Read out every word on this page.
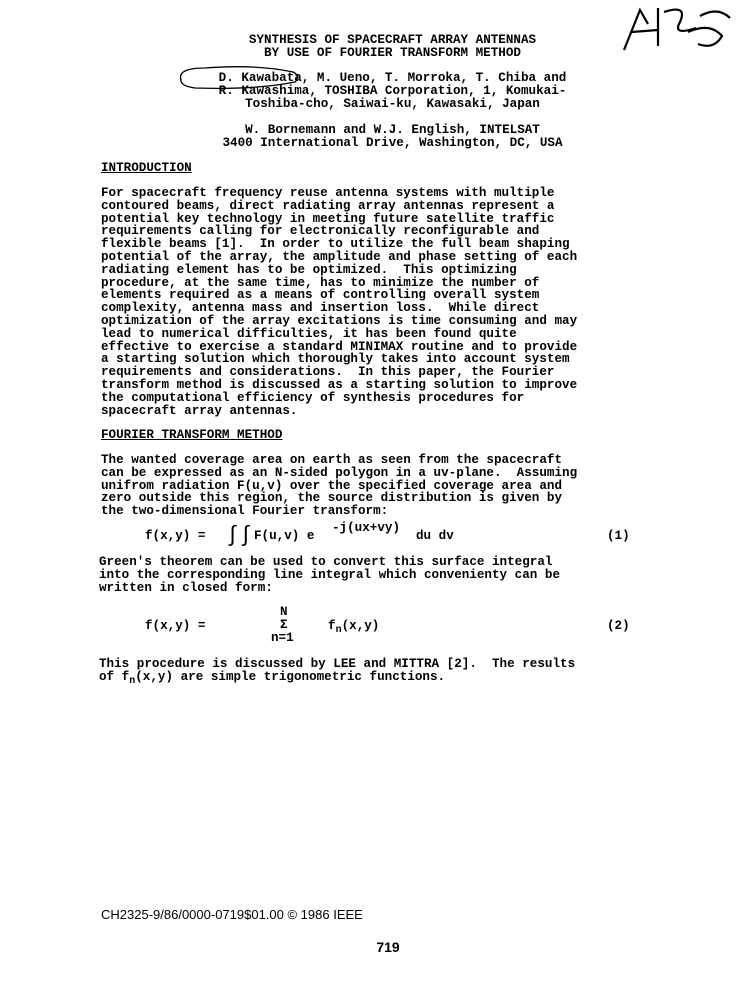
SYNTHESIS OF SPACECRAFT ARRAY ANTENNAS
BY USE OF FOURIER TRANSFORM METHOD
D. Kawabata, M. Ueno, T. Morroka, T. Chiba and
R. Kawashima, TOSHIBA Corporation, 1, Komukai-
Toshiba-cho, Saiwai-ku, Kawasaki, Japan
W. Bornemann and W.J. English, INTELSAT
3400 International Drive, Washington, DC, USA
INTRODUCTION
For spacecraft frequency reuse antenna systems with multiple
contoured beams, direct radiating array antennas represent a
potential key technology in meeting future satellite traffic
requirements calling for electronically reconfigurable and
flexible beams [1].  In order to utilize the full beam shaping
potential of the array, the amplitude and phase setting of each
radiating element has to be optimized.  This optimizing
procedure, at the same time, has to minimize the number of
elements required as a means of controlling overall system
complexity, antenna mass and insertion loss.  While direct
optimization of the array excitations is time consuming and may
lead to numerical difficulties, it has been found quite
effective to exercise a standard MINIMAX routine and to provide
a starting solution which thoroughly takes into account system
requirements and considerations.  In this paper, the Fourier
transform method is discussed as a starting solution to improve
the computational efficiency of synthesis procedures for
spacecraft array antennas.
FOURIER TRANSFORM METHOD
The wanted coverage area on earth as seen from the spacecraft
can be expressed as an N-sided polygon in a uv-plane.  Assuming
unifrom radiation F(u,v) over the specified coverage area and
zero outside this region, the source distribution is given by
the two-dimensional Fourier transform:
f(x,y) = ∫∫ F(u,v) e
-j(ux+vy)
du dv	(1)
Green's theorem can be used to convert this surface integral
into the corresponding line integral which convenienty can be
written in closed form:
N
f(x,y) =	Σ
n=1
$f_n(x,y)$	(2)
This procedure is discussed by LEE and MITTRA [2].  The results
of $f_n(x,y)$ are simple trigonometric functions.
CH2325-9/86/0000-0719$01.00 © 1986 IEEE
719
